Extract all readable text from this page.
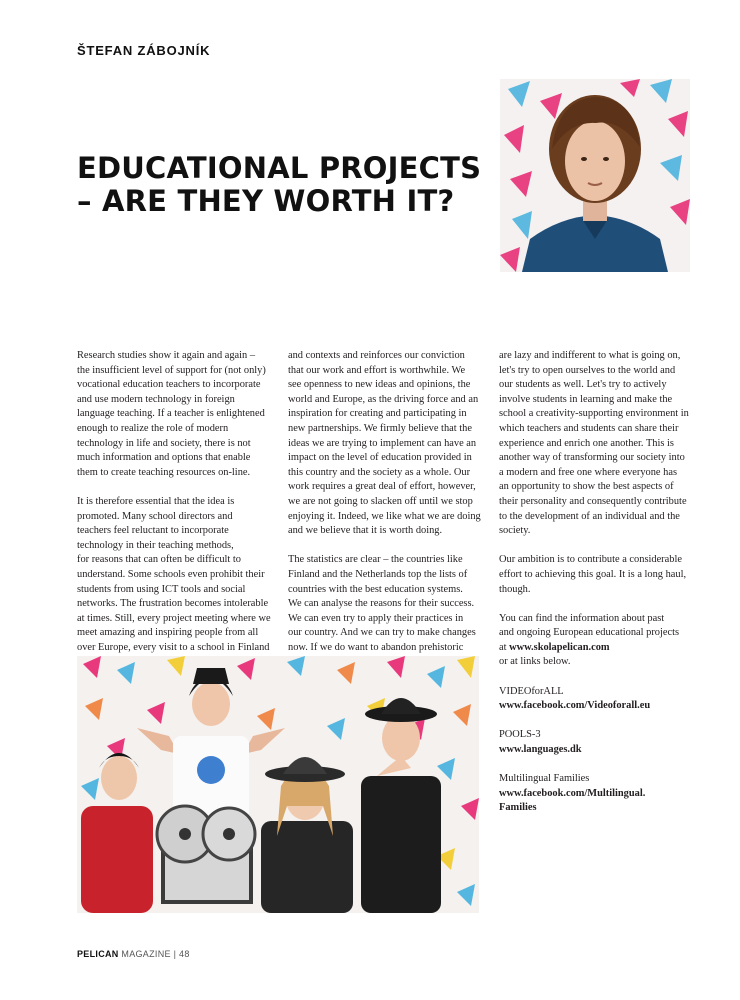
ŠTEFAN ZÁBOJNÍK
EDUCATIONAL PROJECTS
– ARE THEY WORTH IT?
Research studies show it again and again –
the insufficient level of support for (not only)
vocational education teachers to incorporate
and use modern technology in foreign
language teaching. If a teacher is enlightened
enough to realize the role of modern
technology in life and society, there is not
much information and options that enable
them to create teaching resources on-line.
It is therefore essential that the idea is
promoted. Many school directors and
teachers feel reluctant to incorporate
technology in their teaching methods,
for reasons that can often be difficult to
understand. Some schools even prohibit their
students from using ICT tools and social
networks. The frustration becomes intolerable
at times. Still, every project meeting where we
meet amazing and inspiring people from all
over Europe, every visit to a school in Finland
and contexts and reinforces our conviction
that our work and effort is worthwhile. We
see openness to new ideas and opinions, the
world and Europe, as the driving force and an
inspiration for creating and participating in
new partnerships. We firmly believe that the
ideas we are trying to implement can have an
impact on the level of education provided in
this country and the society as a whole. Our
work requires a great deal of effort, however,
we are not going to slacken off until we stop
enjoying it. Indeed, we like what we are doing
and we believe that it is worth doing.
The statistics are clear – the countries like
Finland and the Netherlands top the lists of
countries with the best education systems.
We can analyse the reasons for their success.
We can even try to apply their practices in
our country. And we can try to make changes
now. If we do want to abandon prehistoric
are lazy and indifferent to what is going on,
let's try to open ourselves to the world and
our students as well. Let's try to actively
involve students in learning and make the
school a creativity-supporting environment in
which teachers and students can share their
experience and enrich one another. This is
another way of transforming our society into
a modern and free one where everyone has
an opportunity to show the best aspects of
their personality and consequently contribute
to the development of an individual and the
society.
Our ambition is to contribute a considerable
effort to achieving this goal. It is a long haul,
though.
You can find the information about past
and ongoing European educational projects
at www.skolapelican.com
or at links below.
VIDEOforALL
www.facebook.com/Videoforall.eu
POOLS-3
www.languages.dk
Multilingual Families
www.facebook.com/Multilingual.
Families
PELICAN MAGAZINE | 48
